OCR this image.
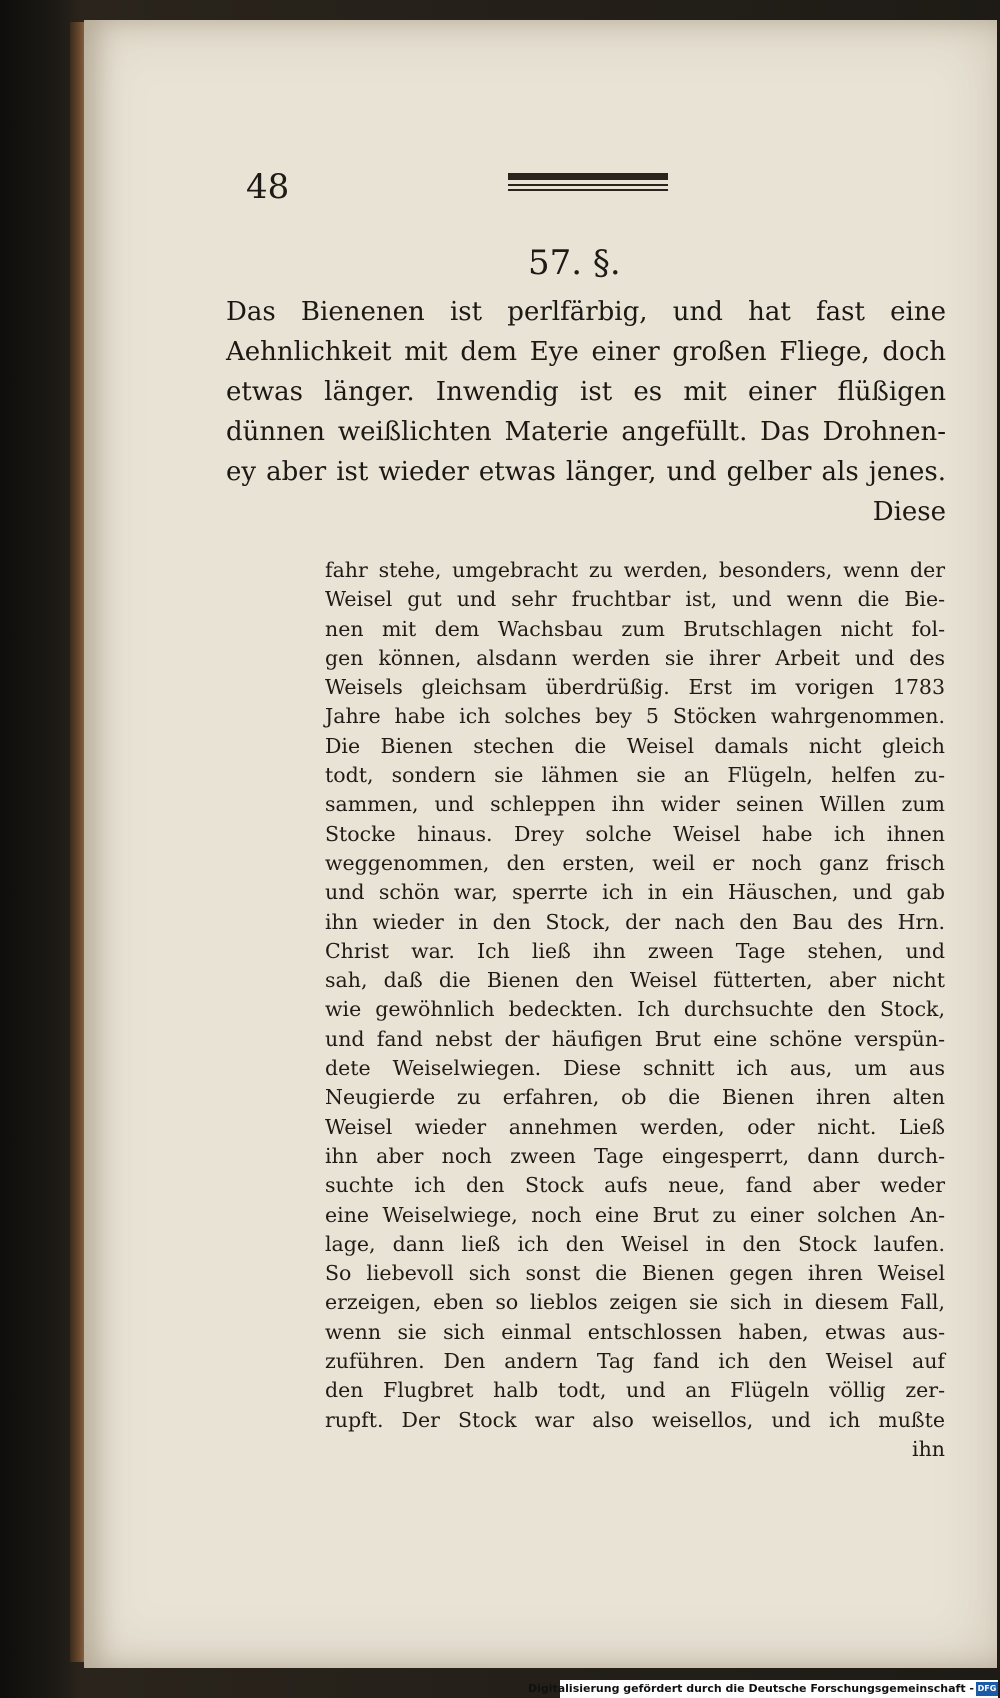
48
57. §.
Das Bienenen ist perlfärbig, und hat fast eine
Aehnlichkeit mit dem Eye einer großen Fliege, doch
etwas länger. Inwendig ist es mit einer flüßigen
dünnen weißlichten Materie angefüllt. Das Drohnen-
ey aber ist wieder etwas länger, und gelber als jenes.
Diese
fahr stehe, umgebracht zu werden, besonders, wenn der
Weisel gut und sehr fruchtbar ist, und wenn die Bie-
nen mit dem Wachsbau zum Brutschlagen nicht fol-
gen können, alsdann werden sie ihrer Arbeit und des
Weisels gleichsam überdrüßig. Erst im vorigen 1783
Jahre habe ich solches bey 5 Stöcken wahrgenommen.
Die Bienen stechen die Weisel damals nicht gleich
todt, sondern sie lähmen sie an Flügeln, helfen zu-
sammen, und schleppen ihn wider seinen Willen zum
Stocke hinaus. Drey solche Weisel habe ich ihnen
weggenommen, den ersten, weil er noch ganz frisch
und schön war, sperrte ich in ein Häuschen, und gab
ihn wieder in den Stock, der nach den Bau des Hrn.
Christ war. Ich ließ ihn zween Tage stehen, und
sah, daß die Bienen den Weisel fütterten, aber nicht
wie gewöhnlich bedeckten. Ich durchsuchte den Stock,
und fand nebst der häufigen Brut eine schöne verspün-
dete Weiselwiegen. Diese schnitt ich aus, um aus
Neugierde zu erfahren, ob die Bienen ihren alten
Weisel wieder annehmen werden, oder nicht. Ließ
ihn aber noch zween Tage eingesperrt, dann durch-
suchte ich den Stock aufs neue, fand aber weder
eine Weiselwiege, noch eine Brut zu einer solchen An-
lage, dann ließ ich den Weisel in den Stock laufen.
So liebevoll sich sonst die Bienen gegen ihren Weisel
erzeigen, eben so lieblos zeigen sie sich in diesem Fall,
wenn sie sich einmal entschlossen haben, etwas aus-
zuführen. Den andern Tag fand ich den Weisel auf
den Flugbret halb todt, und an Flügeln völlig zer-
rupft. Der Stock war also weisellos, und ich mußte
ihn
Digitalisierung gefördert durch die Deutsche Forschungsgemeinschaft - DFG
